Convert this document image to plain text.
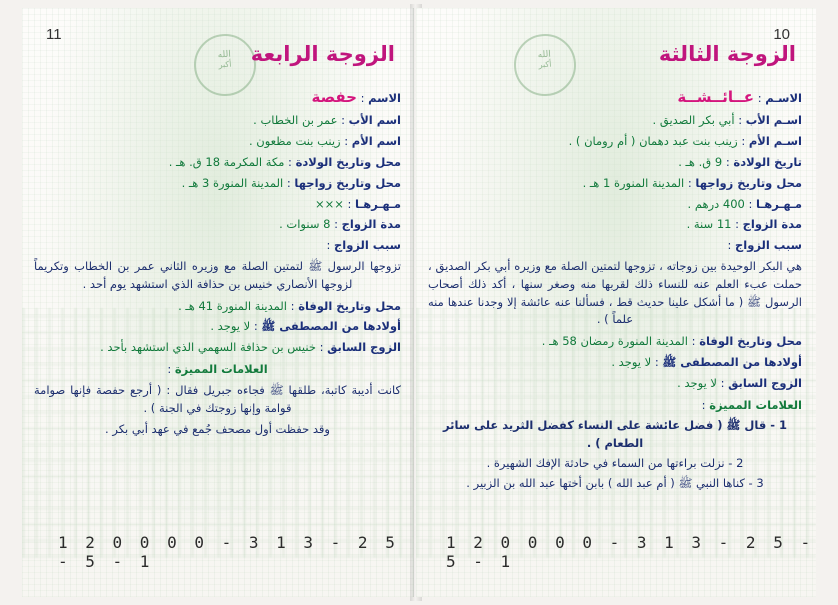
الله
أكبر
11
الزوجة الرابعة
الاسم : حفصة
اسم الأب : عمر بن الخطاب .
اسم الأم : زينب بنت مظعون .
محل وتاريخ الولادة : مكة المكرمة 18 ق. هـ .
محل وتاريخ زواجها : المدينة المنورة 3 هـ .
مـهـرهـا : ×××
مدة الزواج : 8 سنوات .
سبب الزواج :
تزوجها الرسول ﷺ لتمتين الصلة مع وزيره الثاني عمر بن الخطاب وتكريماً لزوجها الأنصاري خنيس بن حذافة الذي استشهد يوم أحد .
محل وتاريخ الوفاة : المدينة المنورة 41 هـ .
أولادها من المصطفى ﷺ : لا يوجد .
الزوج السابق : خنيس بن حذافة السهمي الذي استشهد بأحد .
العلامات المميزة :
كانت أديبة كاتبة، طلقها ﷺ فجاءه جبريل فقال : ( أرجع حفصة فإنها صوامة قوامة وإنها زوجتك في الجنة ) .
وقد حفظت أول مصحف جُمع في عهد أبي بكر .
1 2 0 0 0 0 - 3 1 3 - 2 5 - 5 - 1
الله
أكبر
10
الزوجة الثالثة
الاسـم : عــائــشــة
اسـم الأب : أبي بكر الصديق .
اسـم الأم : زينب بنت عبد دهمان ( أم رومان ) .
تاريخ الولادة : 9 ق. هـ .
محل وتاريخ زواجها : المدينة المنورة 1 هـ .
مـهـرهـا : 400 درهم .
مدة الزواج : 11 سنة .
سبب الزواج :
هي البكر الوحيدة بين زوجاته ، تزوجها لتمتين الصلة مع وزيره أبي بكر الصديق ، حملت عبء العلم عنه للنساء ذلك لقربها منه وصغر سنها ، أكد ذلك أصحاب الرسول ﷺ ( ما أشكل علينا حديث قط ، فسألنا عنه عائشة إلا وجدنا عندها منه علماً ) .
محل وتاريخ الوفاة : المدينة المنورة رمضان 58 هـ .
أولادها من المصطفى ﷺ : لا يوجد .
الزوج السابق : لا يوجد .
العلامات المميزة :
1 - قال ﷺ ( فضل عائشة على النساء كفضل الثريد على سائر الطعام ) .
2 - نزلت براءتها من السماء في حادثة الإفك الشهيرة .
3 - كناها النبي ﷺ ( أم عبد الله ) بابن أختها عبد الله بن الزبير .
1 2 0 0 0 0 - 3 1 3 - 2 5 - 5 - 1
